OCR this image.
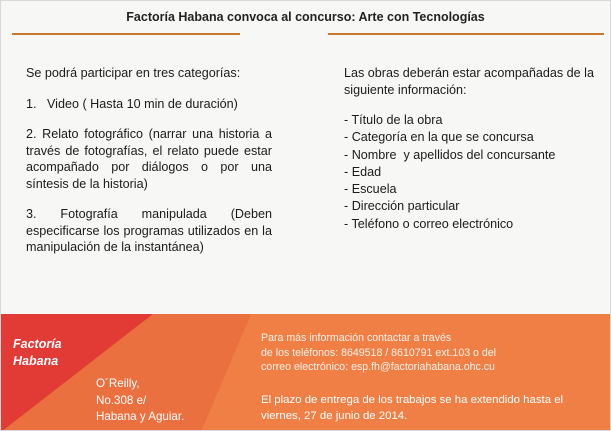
Factoría Habana convoca al concurso: Arte con Tecnologías

Se podrá participar en tres categorías:

1.   Video ( Hasta 10 min de duración)

2. Relato fotográfico (narrar una historia a través de fotografías, el relato puede estar acompañado por diálogos o por una síntesis de la historia)

3. Fotografía manipulada (Deben especificarse los programas utilizados en la manipulación de la instantánea)

Las obras deberán estar acompañadas de la siguiente información:

- Título de la obra
- Categoría en la que se concursa
- Nombre  y apellidos del concursante
- Edad
- Escuela
- Dirección particular
- Teléfono o correo electrónico
Factoría
Habana
O´Reilly,
No.308 e/
Habana y Aguiar.
Para más información contactar a través
de los teléfonos: 8649518 / 8610791 ext.103 o del
correo electrónico: esp.fh@factoriahabana.ohc.cu
El plazo de entrega de los trabajos se ha extendido hasta el
viernes, 27 de junio de 2014.
